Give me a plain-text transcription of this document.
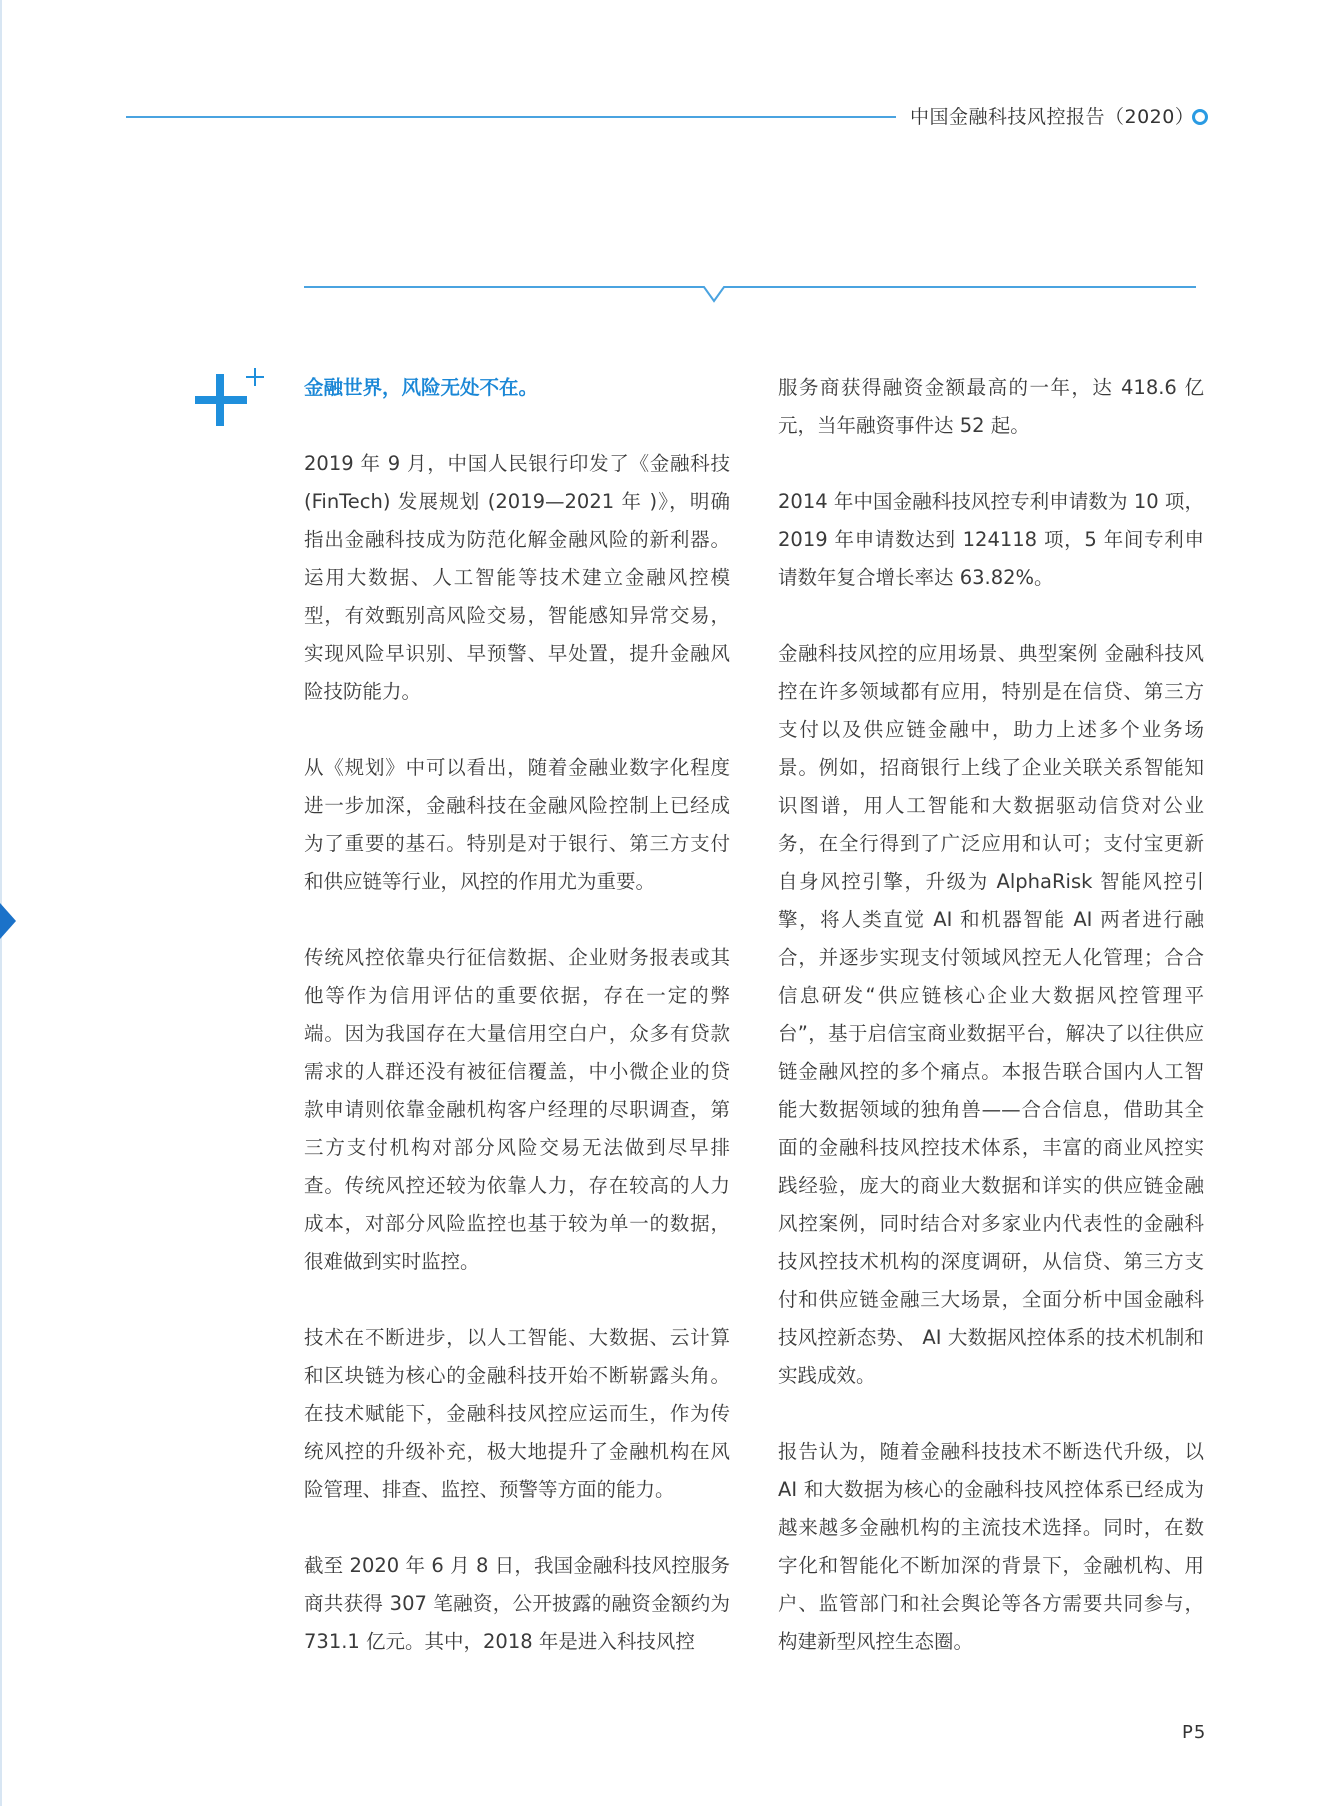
中国金融科技风控报告（2020）

金融世界，风险无处不在。

2019 年 9 月，中国人民银行印发了《金融科技 (FinTech) 发展规划 (2019—2021 年 )》，明确指出金融科技成为防范化解金融风险的新利器。运用大数据、人工智能等技术建立金融风控模型，有效甄别高风险交易，智能感知异常交易，实现风险早识别、早预警、早处置，提升金融风险技防能力。

从《规划》中可以看出，随着金融业数字化程度进一步加深，金融科技在金融风险控制上已经成为了重要的基石。特别是对于银行、第三方支付和供应链等行业，风控的作用尤为重要。

传统风控依靠央行征信数据、企业财务报表或其他等作为信用评估的重要依据，存在一定的弊端。因为我国存在大量信用空白户，众多有贷款需求的人群还没有被征信覆盖，中小微企业的贷款申请则依靠金融机构客户经理的尽职调查，第三方支付机构对部分风险交易无法做到尽早排查。传统风控还较为依靠人力，存在较高的人力成本，对部分风险监控也基于较为单一的数据，很难做到实时监控。

技术在不断进步，以人工智能、大数据、云计算和区块链为核心的金融科技开始不断崭露头角。在技术赋能下，金融科技风控应运而生，作为传统风控的升级补充，极大地提升了金融机构在风险管理、排查、监控、预警等方面的能力。

截至 2020 年 6 月 8 日，我国金融科技风控服务商共获得 307 笔融资，公开披露的融资金额约为 731.1 亿元。其中，2018 年是进入科技风控

服务商获得融资金额最高的一年，达 418.6 亿元，当年融资事件达 52 起。

2014 年中国金融科技风控专利申请数为 10 项，2019 年申请数达到 124118 项，5 年间专利申请数年复合增长率达 63.82%。

金融科技风控的应用场景、典型案例 金融科技风控在许多领域都有应用，特别是在信贷、第三方支付以及供应链金融中，助力上述多个业务场景。例如，招商银行上线了企业关联关系智能知识图谱，用人工智能和大数据驱动信贷对公业务，在全行得到了广泛应用和认可；支付宝更新自身风控引擎，升级为 AlphaRisk 智能风控引擎，将人类直觉 AI 和机器智能 AI 两者进行融合，并逐步实现支付领域风控无人化管理；合合信息研发“供应链核心企业大数据风控管理平台”，基于启信宝商业数据平台，解决了以往供应链金融风控的多个痛点。本报告联合国内人工智能大数据领域的独角兽——合合信息，借助其全面的金融科技风控技术体系，丰富的商业风控实践经验，庞大的商业大数据和详实的供应链金融风控案例，同时结合对多家业内代表性的金融科技风控技术机构的深度调研，从信贷、第三方支付和供应链金融三大场景，全面分析中国金融科技风控新态势、 AI 大数据风控体系的技术机制和实践成效。

报告认为，随着金融科技技术不断迭代升级，以 AI 和大数据为核心的金融科技风控体系已经成为越来越多金融机构的主流技术选择。同时，在数字化和智能化不断加深的背景下，金融机构、用户、监管部门和社会舆论等各方需要共同参与，构建新型风控生态圈。

P5
